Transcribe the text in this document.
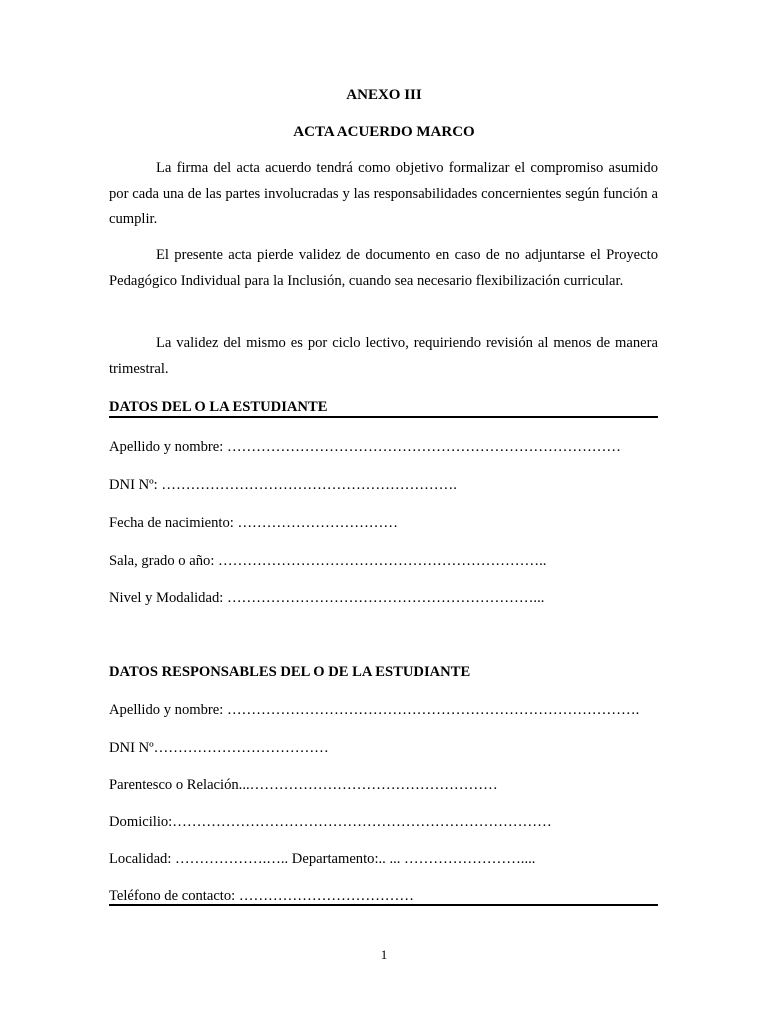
ANEXO III
ACTA ACUERDO MARCO

La firma del acta acuerdo tendrá como objetivo formalizar el compromiso asumido por cada una de las partes involucradas y las responsabilidades concernientes según función a cumplir.

El presente acta pierde validez de documento en caso de no adjuntarse el Proyecto Pedagógico Individual para la Inclusión, cuando sea necesario flexibilización curricular.

La validez del mismo es por ciclo lectivo, requiriendo revisión al menos de manera trimestral.

DATOS DEL O LA ESTUDIANTE
Apellido y nombre: ………………………………………………………………………
DNI Nº: …………………………………………………….
Fecha de nacimiento: ……………………………
Sala, grado o año: …………………………………………………………..
Nivel y Modalidad: ………………………………………………………...
DATOS RESPONSABLES DEL O DE LA ESTUDIANTE
Apellido y nombre: ………………………………………………………………………….
DNI Nº………………………………
Parentesco o Relación...……………………………………………
Domicilio:……………………………………………………………………
Localidad: ……………….….. Departamento:.. ... ……………………....
Teléfono de contacto: ………………………………
1
